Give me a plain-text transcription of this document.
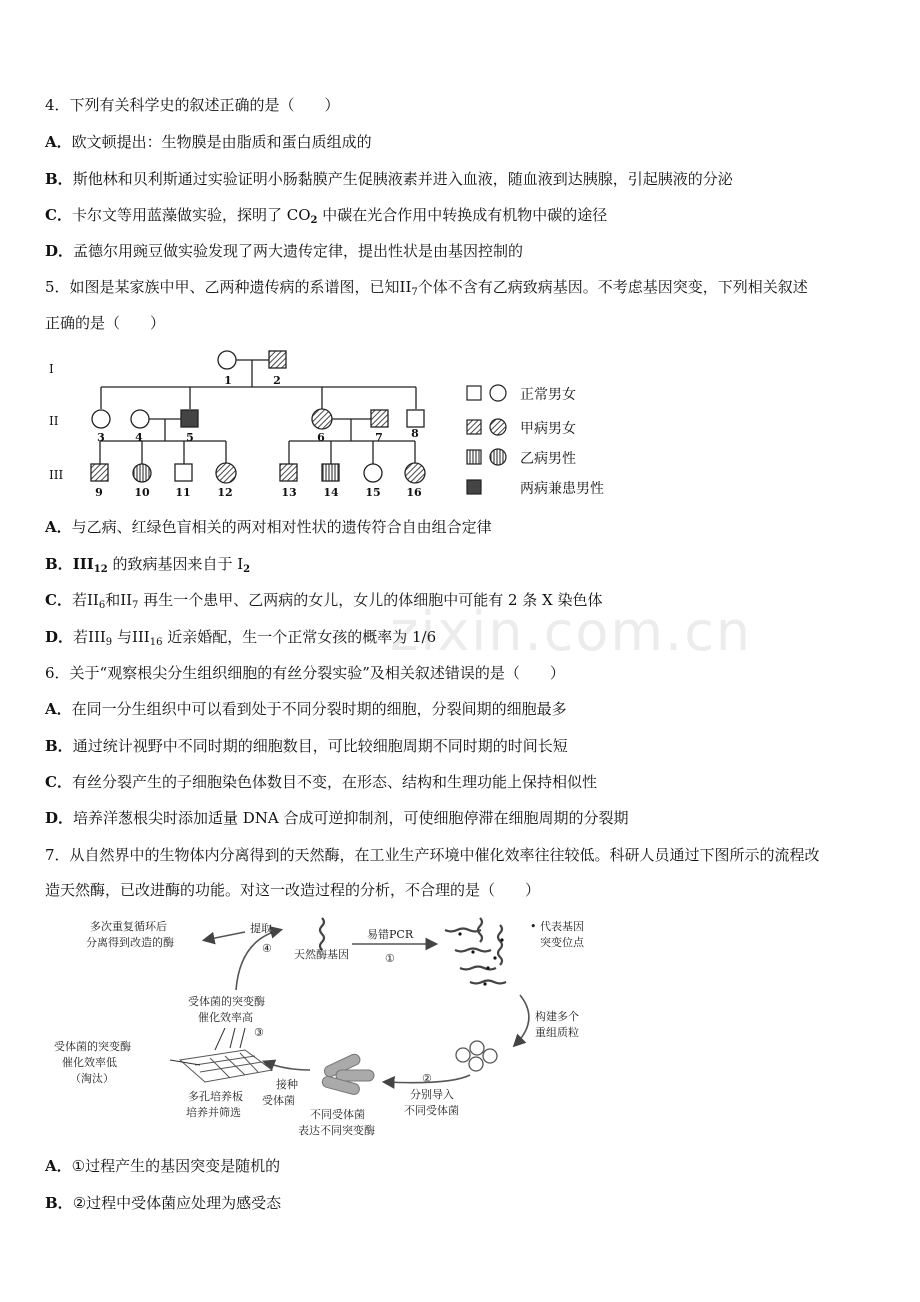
4．下列有关科学史的叙述正确的是（　　）
A．欧文顿提出：生物膜是由脂质和蛋白质组成的
B．斯他林和贝利斯通过实验证明小肠黏膜产生促胰液素并进入血液，随血液到达胰腺，引起胰液的分泌
C．卡尔文等用蓝藻做实验，探明了 $CO_2$ 中碳在光合作用中转换成有机物中碳的途径
D．孟德尔用豌豆做实验发现了两大遗传定律，提出性状是由基因控制的
5．如图是某家族中甲、乙两种遗传病的系谱图，已知$II_7$个体不含有乙病致病基因。不考虑基因突变，下列相关叙述
正确的是（　　）
I
II
III
1	2
3	4	5	6	7	8
9	10 11 12	13 14 15 16
正常男女
甲病男女
乙病男性
两病兼患男性
A．与乙病、红绿色盲相关的两对相对性状的遗传符合自由组合定律
B．$III_{12}$ 的致病基因来自于 $I_2$
C．若$II_6$和$II_7$ 再生一个患甲、乙两病的女儿，女儿的体细胞中可能有 2 条 X 染色体
D．若$III_9$ 与$III_{16}$ 近亲婚配，生一个正常女孩的概率为 1/6
zixin.com.cn
6．关于“观察根尖分生组织细胞的有丝分裂实验”及相关叙述错误的是（　　）
A．在同一分生组织中可以看到处于不同分裂时期的细胞，分裂间期的细胞最多
B．通过统计视野中不同时期的细胞数目，可比较细胞周期不同时期的时间长短
C．有丝分裂产生的子细胞染色体数目不变，在形态、结构和生理功能上保持相似性
D．培养洋葱根尖时添加适量 DNA 合成可逆抑制剂，可使细胞停滞在细胞周期的分裂期
7．从自然界中的生物体内分离得到的天然酶，在工业生产环境中催化效率往往较低。科研人员通过下图所示的流程改
造天然酶，已改进酶的功能。对这一改造过程的分析，不合理的是（　　）
多次重复循环后
分离得到改造的酶
提取
④ 天然酶基因
易错PCR
①
• 代表基因
突变位点
构建多个
重组质粒
②
分别导入
不同受体菌
不同受体菌
表达不同突变酶
接种
受体菌
多孔培养板
培养并筛选
③
受体菌的突变酶
催化效率高
受体菌的突变酶
催化效率低
（淘汰）
A．①过程产生的基因突变是随机的
B．②过程中受体菌应处理为感受态
